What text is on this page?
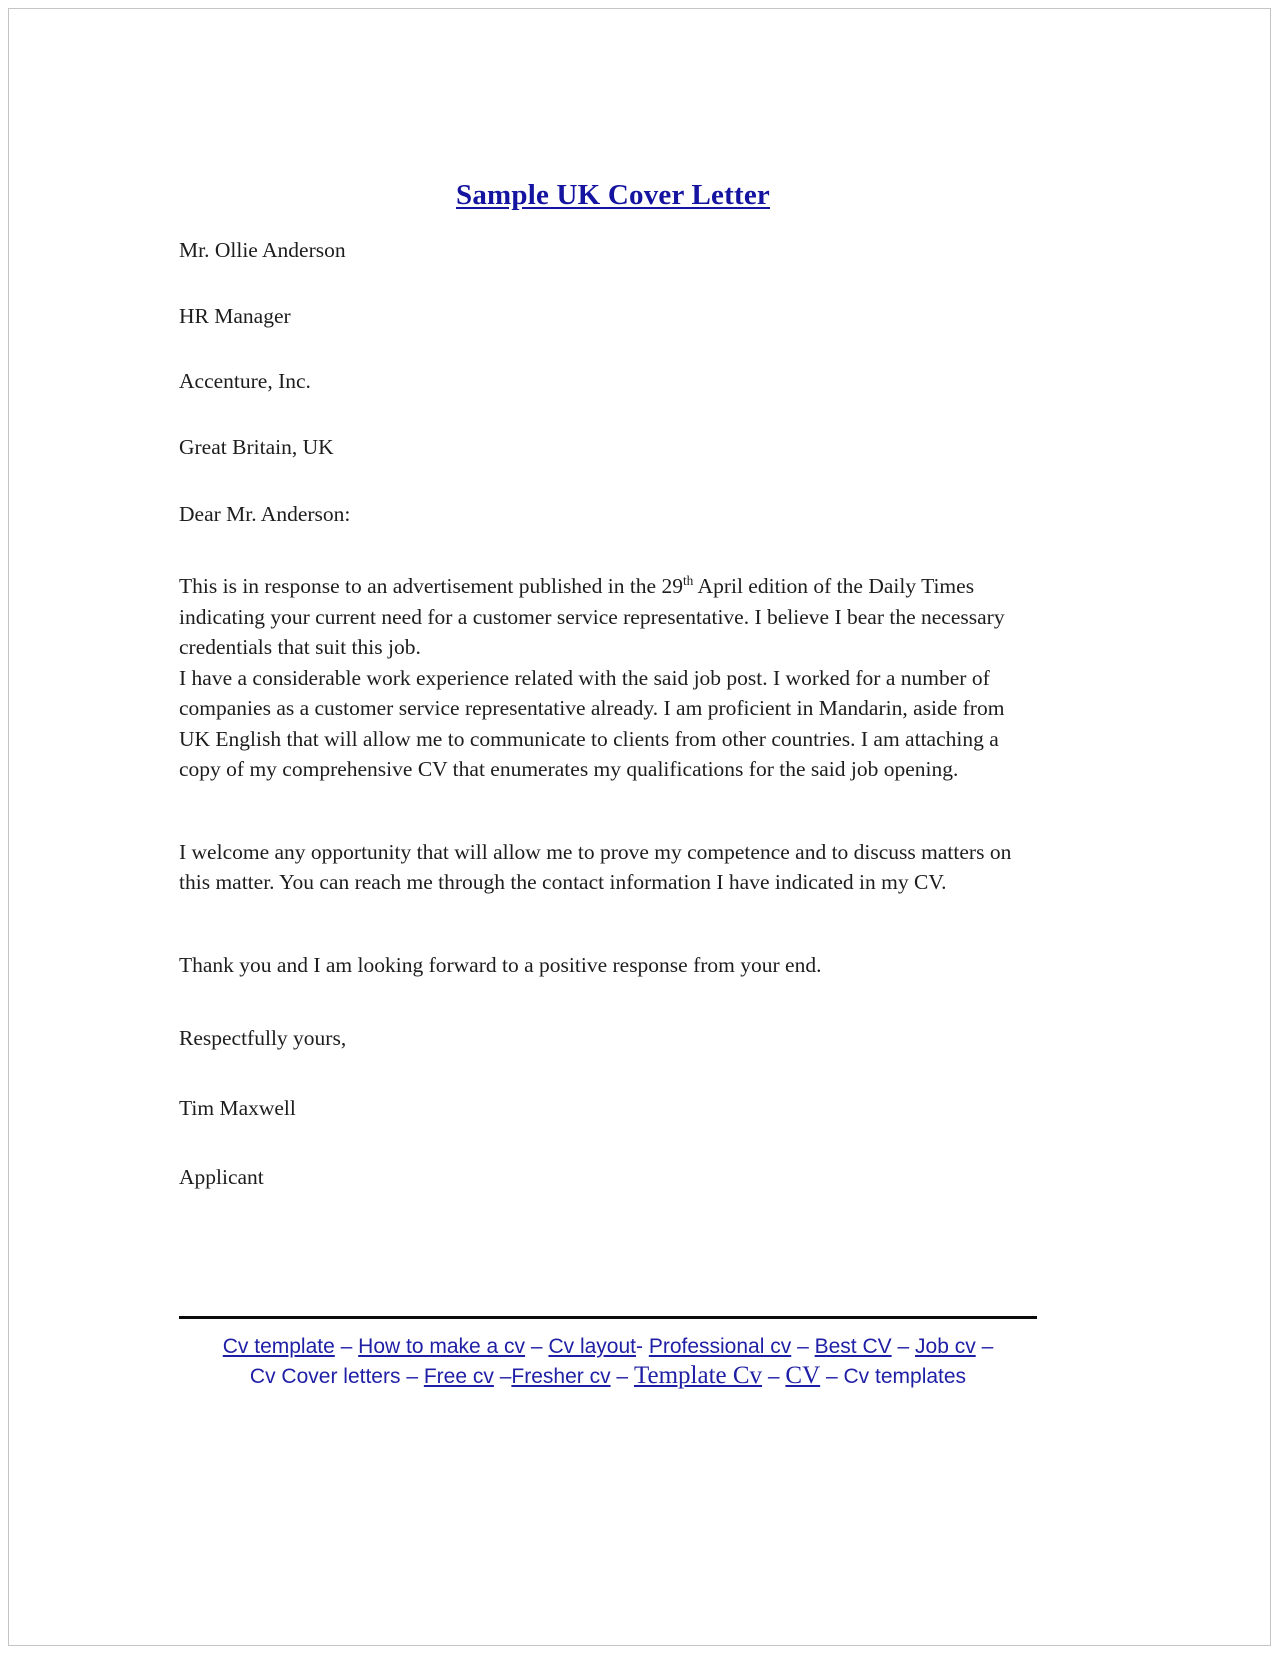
Sample UK Cover Letter
Mr. Ollie Anderson
HR Manager
Accenture, Inc.
Great Britain, UK
Dear Mr. Anderson:

This is in response to an advertisement published in the 29th April edition of the Daily Times indicating your current need for a customer service representative. I believe I bear the necessary credentials that suit this job.

I have a considerable work experience related with the said job post. I worked for a number of companies as a customer service representative already. I am proficient in Mandarin, aside from UK English that will allow me to communicate to clients from other countries. I am attaching a copy of my comprehensive CV that enumerates my qualifications for the said job opening.

I welcome any opportunity that will allow me to prove my competence and to discuss matters on this matter. You can reach me through the contact information I have indicated in my CV.

Thank you and I am looking forward to a positive response from your end.

Respectfully yours,
Tim Maxwell
Applicant
Cv template – How to make a cv – Cv layout- Professional cv – Best CV – Job cv –
Cv Cover letters – Free cv –Fresher cv – Template Cv – CV – Cv templates
